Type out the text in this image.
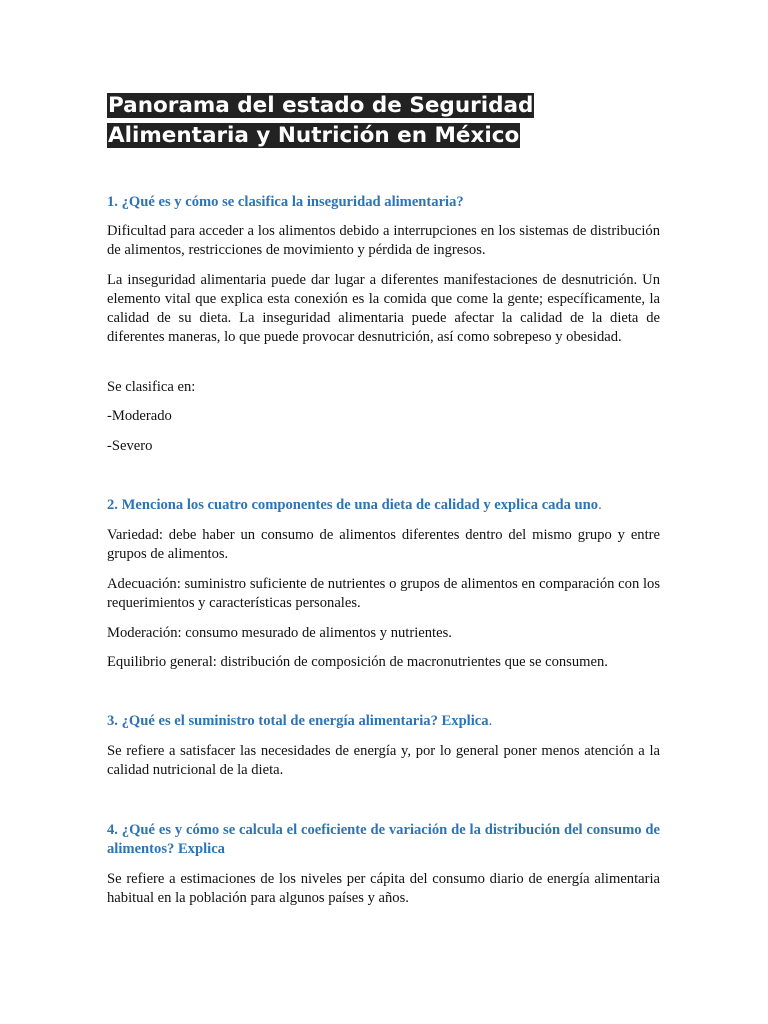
Panorama del estado de Seguridad
Alimentaria y Nutrición en México
1. ¿Qué es y cómo se clasifica la inseguridad alimentaria?
Dificultad para acceder a los alimentos debido a interrupciones en los sistemas de distribución de alimentos, restricciones de movimiento y pérdida de ingresos.
La inseguridad alimentaria puede dar lugar a diferentes manifestaciones de desnutrición. Un elemento vital que explica esta conexión es la comida que come la gente; específicamente, la calidad de su dieta. La inseguridad alimentaria puede afectar la calidad de la dieta de diferentes maneras, lo que puede provocar desnutrición, así como sobrepeso y obesidad.
Se clasifica en:
-Moderado
-Severo
2. Menciona los cuatro componentes de una dieta de calidad y explica cada uno.
Variedad: debe haber un consumo de alimentos diferentes dentro del mismo grupo y entre grupos de alimentos.
Adecuación: suministro suficiente de nutrientes o grupos de alimentos en comparación con los requerimientos y características personales.
Moderación: consumo mesurado de alimentos y nutrientes.
Equilibrio general: distribución de composición de macronutrientes que se consumen.
3. ¿Qué es el suministro total de energía alimentaria? Explica.
Se refiere a satisfacer las necesidades de energía y, por lo general poner menos atención a la calidad nutricional de la dieta.
4. ¿Qué es y cómo se calcula el coeficiente de variación de la distribución del consumo de alimentos? Explica
Se refiere a estimaciones de los niveles per cápita del consumo diario de energía alimentaria habitual en la población para algunos países y años.
